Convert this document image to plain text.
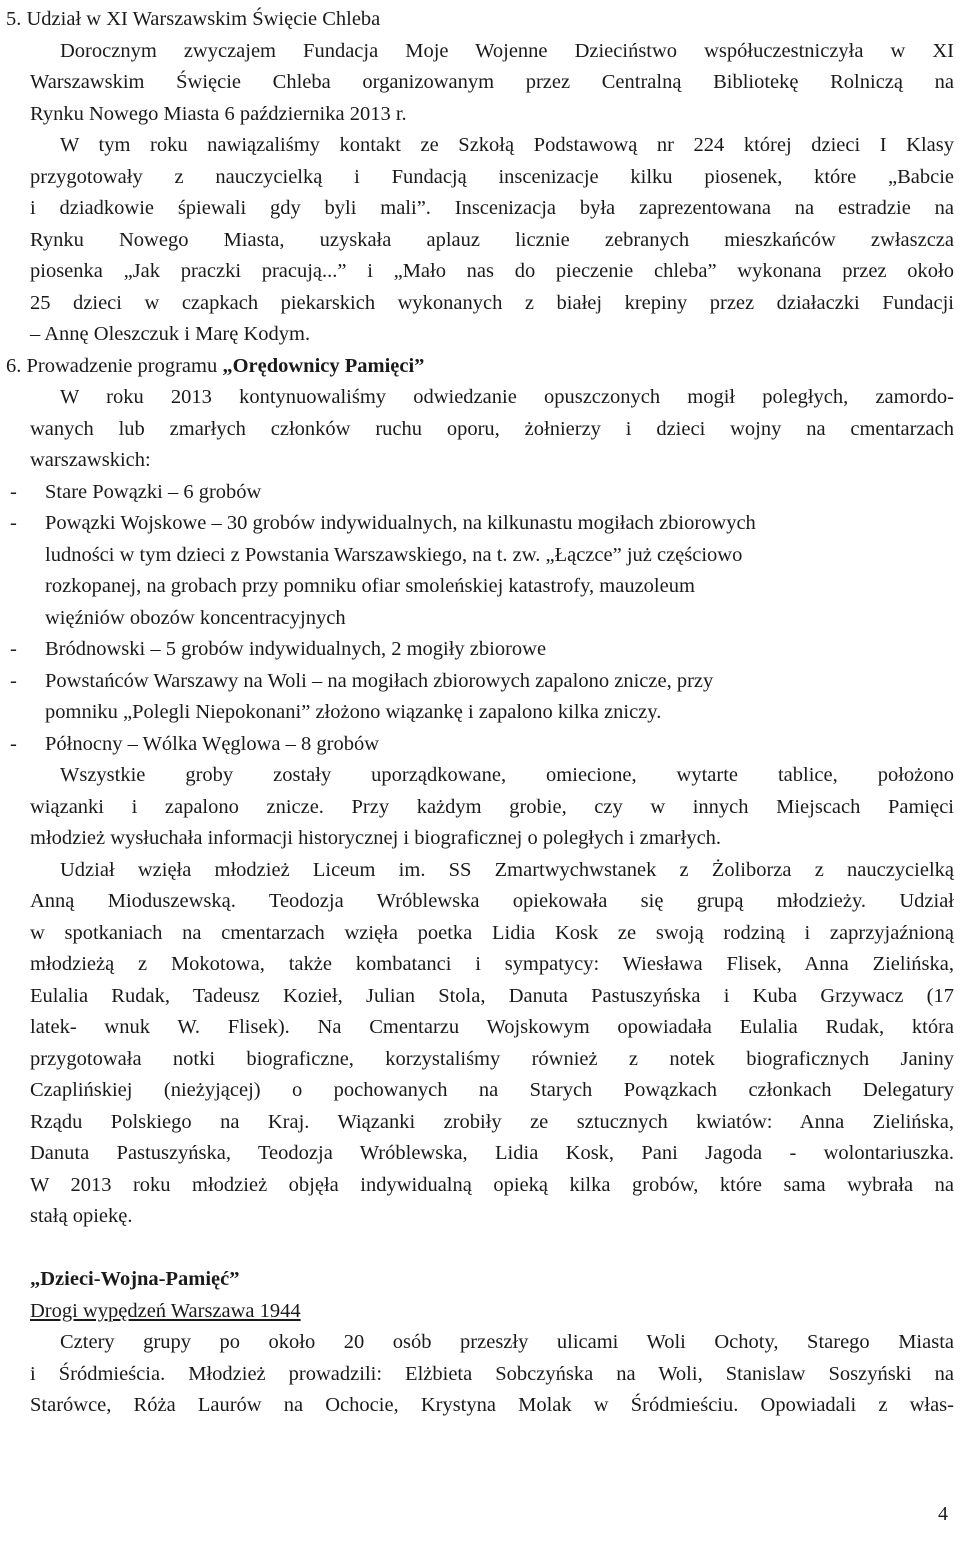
5. Udział w XI Warszawskim Święcie Chleba
Dorocznym zwyczajem Fundacja Moje Wojenne Dzieciństwo współuczestniczyła w XI
Warszawskim Święcie Chleba organizowanym przez Centralną Bibliotekę Rolniczą na
Rynku Nowego Miasta 6 października 2013 r.
W tym roku nawiązaliśmy kontakt ze Szkołą Podstawową nr 224 której dzieci I Klasy
przygotowały z nauczycielką i Fundacją inscenizacje kilku piosenek, które „Babcie
i dziadkowie śpiewali gdy byli mali”. Inscenizacja była zaprezentowana na estradzie na
Rynku Nowego Miasta, uzyskała aplauz licznie zebranych mieszkańców zwłaszcza
piosenka „Jak praczki pracują...” i „Mało nas do pieczenie chleba” wykonana przez około
25 dzieci w czapkach piekarskich wykonanych z białej krepiny przez działaczki Fundacji
– Annę Oleszczuk i Marę Kodym.
6. Prowadzenie programu „Orędownicy Pamięci”
W roku 2013 kontynuowaliśmy odwiedzanie opuszczonych mogił poległych, zamordo-
wanych lub zmarłych członków ruchu oporu, żołnierzy i dzieci wojny na cmentarzach
warszawskich:
- Stare Powązki – 6 grobów
- Powązki Wojskowe – 30 grobów indywidualnych, na kilkunastu mogiłach zbiorowych
ludności w tym dzieci z Powstania Warszawskiego, na t. zw. „Łączce” już częściowo
rozkopanej, na grobach przy pomniku ofiar smoleńskiej katastrofy, mauzoleum
więźniów obozów koncentracyjnych
- Bródnowski – 5 grobów indywidualnych, 2 mogiły zbiorowe
- Powstańców Warszawy na Woli – na mogiłach zbiorowych zapalono znicze, przy
pomniku „Polegli Niepokonani” złożono wiązankę i zapalono kilka zniczy.
- Północny – Wólka Węglowa – 8 grobów
Wszystkie groby zostały uporządkowane, omiecione, wytarte tablice, położono
wiązanki i zapalono znicze. Przy każdym grobie, czy w innych Miejscach Pamięci
młodzież wysłuchała informacji historycznej i biograficznej o poległych i zmarłych.
Udział wzięła młodzież Liceum im. SS Zmartwychwstanek z Żoliborza z nauczycielką
Anną Mioduszewską. Teodozja Wróblewska opiekowała się grupą młodzieży. Udział
w spotkaniach na cmentarzach wzięła poetka Lidia Kosk ze swoją rodziną i zaprzyjaźnioną
młodzieżą z Mokotowa, także kombatanci i sympatycy: Wiesława Flisek, Anna Zielińska,
Eulalia Rudak, Tadeusz Kozieł, Julian Stola, Danuta Pastuszyńska i Kuba Grzywacz (17
latek- wnuk W. Flisek). Na Cmentarzu Wojskowym opowiadała Eulalia Rudak, która
przygotowała notki biograficzne, korzystaliśmy również z notek biograficznych Janiny
Czaplińskiej (nieżyjącej) o pochowanych na Starych Powązkach członkach Delegatury
Rządu Polskiego na Kraj. Wiązanki zrobiły ze sztucznych kwiatów: Anna Zielińska,
Danuta Pastuszyńska, Teodozja Wróblewska, Lidia Kosk, Pani Jagoda - wolontariuszka.
W 2013 roku młodzież objęła indywidualną opieką kilka grobów, które sama wybrała na
stałą opiekę.
„Dzieci-Wojna-Pamięć”
Drogi wypędzeń Warszawa 1944
Cztery grupy po około 20 osób przeszły ulicami Woli Ochoty, Starego Miasta
i Śródmieścia. Młodzież prowadzili: Elżbieta Sobczyńska na Woli, Stanislaw Soszyński na
Starówce, Róża Laurów na Ochocie, Krystyna Molak w Śródmieściu. Opowiadali z włas-
4
